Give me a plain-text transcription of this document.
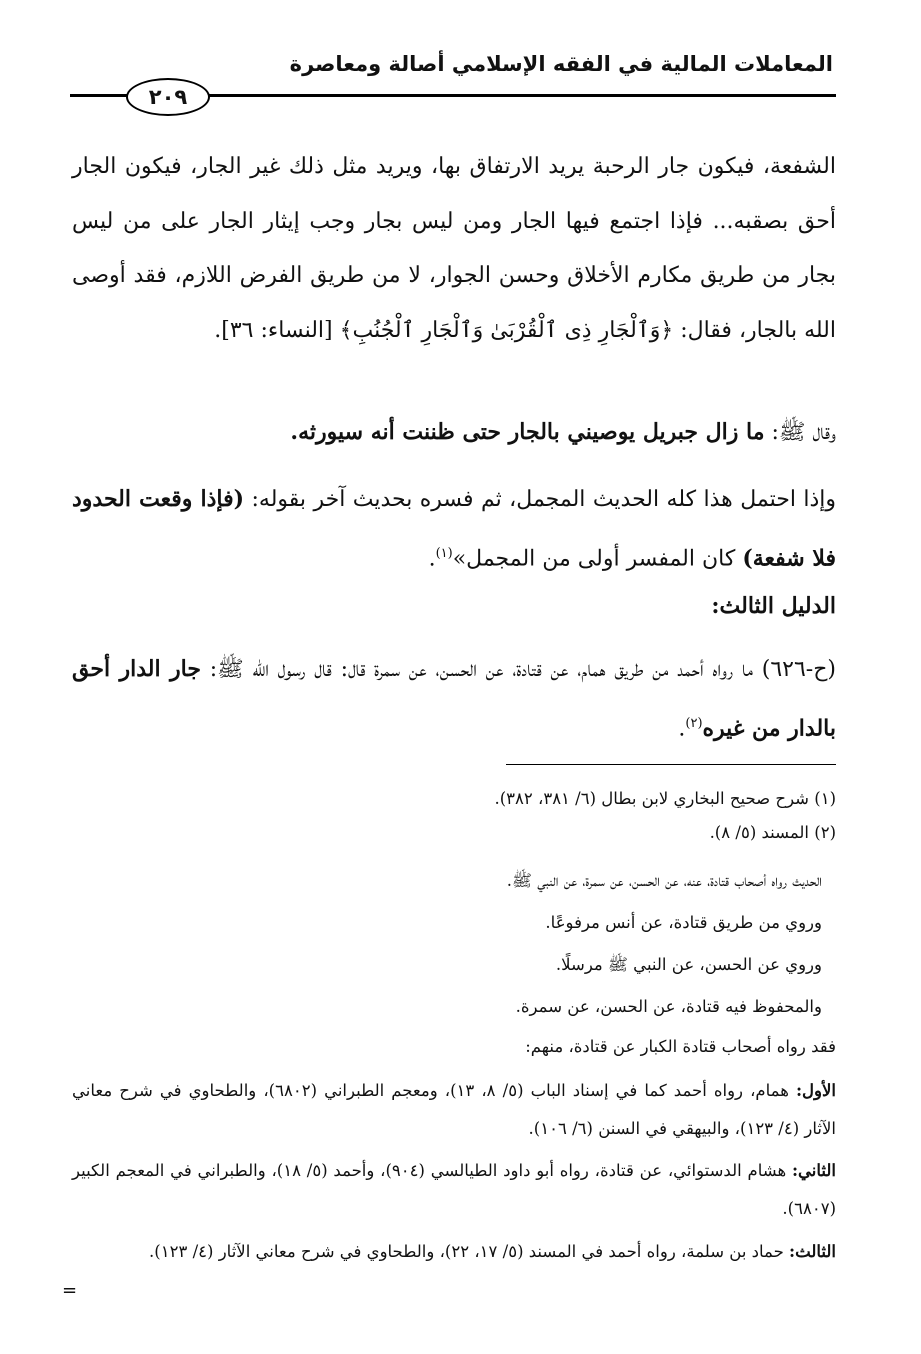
المعاملات المالية في الفقه الإسلامي أصالة ومعاصرة
٢٠٩

الشفعة، فيكون جار الرحبة يريد الارتفاق بها، ويريد مثل ذلك غير الجار، فيكون الجار أحق بصقبه... فإذا اجتمع فيها الجار ومن ليس بجار وجب إيثار الجار على من ليس بجار من طريق مكارم الأخلاق وحسن الجوار، لا من طريق الفرض اللازم، فقد أوصى الله بالجار، فقال: ﴿وَٱلْجَارِ ذِى ٱلْقُرْبَىٰ وَٱلْجَارِ ٱلْجُنُبِ﴾ [النساء: ٣٦].

وقال ﷺ: ما زال جبريل يوصيني بالجار حتى ظننت أنه سيورثه.

وإذا احتمل هذا كله الحديث المجمل، ثم فسره بحديث آخر بقوله: (فإذا وقعت الحدود فلا شفعة) كان المفسر أولى من المجمل»$^{(١)}$.

الدليل الثالث:

(ح-٦٢٦) ما رواه أحمد من طريق همام، عن قتادة، عن الحسن، عن سمرة قال: قال رسول الله ﷺ: جار الدار أحق بالدار من غيره$^{(٢)}$.

(١) شرح صحيح البخاري لابن بطال (٦/ ٣٨١، ٣٨٢).

(٢) المسند (٥/ ٨).

الحديث رواه أصحاب قتادة، عنه، عن الحسن، عن سمرة، عن النبي ﷺ.

وروي من طريق قتادة، عن أنس مرفوعًا.

وروي عن الحسن، عن النبي ﷺ مرسلًا.

والمحفوظ فيه قتادة، عن الحسن، عن سمرة.

فقد رواه أصحاب قتادة الكبار عن قتادة، منهم:

الأول: همام، رواه أحمد كما في إسناد الباب (٥/ ٨، ١٣)، ومعجم الطبراني (٦٨٠٢)، والطحاوي في شرح معاني الآثار (٤/ ١٢٣)، والبيهقي في السنن (٦/ ١٠٦).

الثاني: هشام الدستوائي، عن قتادة، رواه أبو داود الطيالسي (٩٠٤)، وأحمد (٥/ ١٨)، والطبراني في المعجم الكبير (٦٨٠٧).

الثالث: حماد بن سلمة، رواه أحمد في المسند (٥/ ١٧، ٢٢)، والطحاوي في شرح معاني الآثار (٤/ ١٢٣).

=
